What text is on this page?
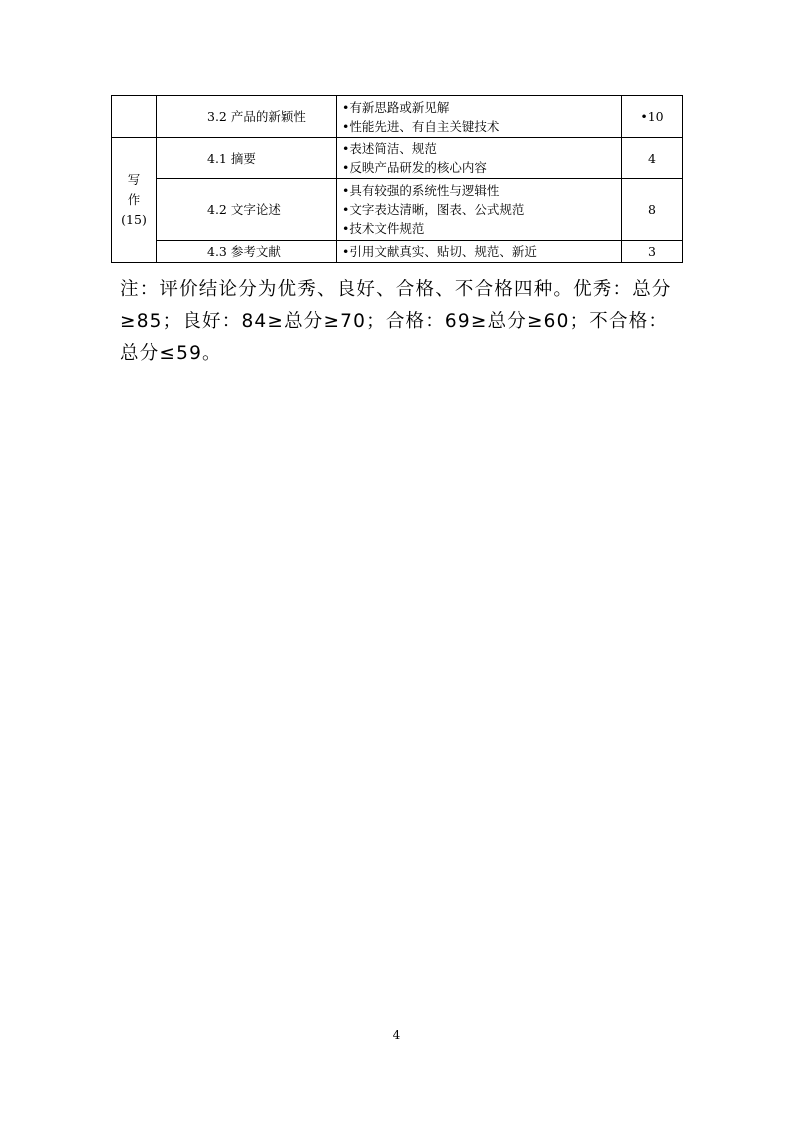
	3.2 产品的新颖性	• 有新思路或新见解
• 性能先进、有自主关键技术	•10

写
作
(15)	4.1 摘要	• 表述简洁、规范
• 反映产品研发的核心内容	4
	4.2 文字论述	• 具有较强的系统性与逻辑性
• 文字表达清晰，图表、公式规范
• 技术文件规范	8
	4.3 参考文献	• 引用文献真实、贴切、规范、新近	3

注：评价结论分为优秀、良好、合格、不合格四种。优秀：总分≥85；良好：84≥总分≥70；合格：69≥总分≥60；不合格：总分≤59。

4
